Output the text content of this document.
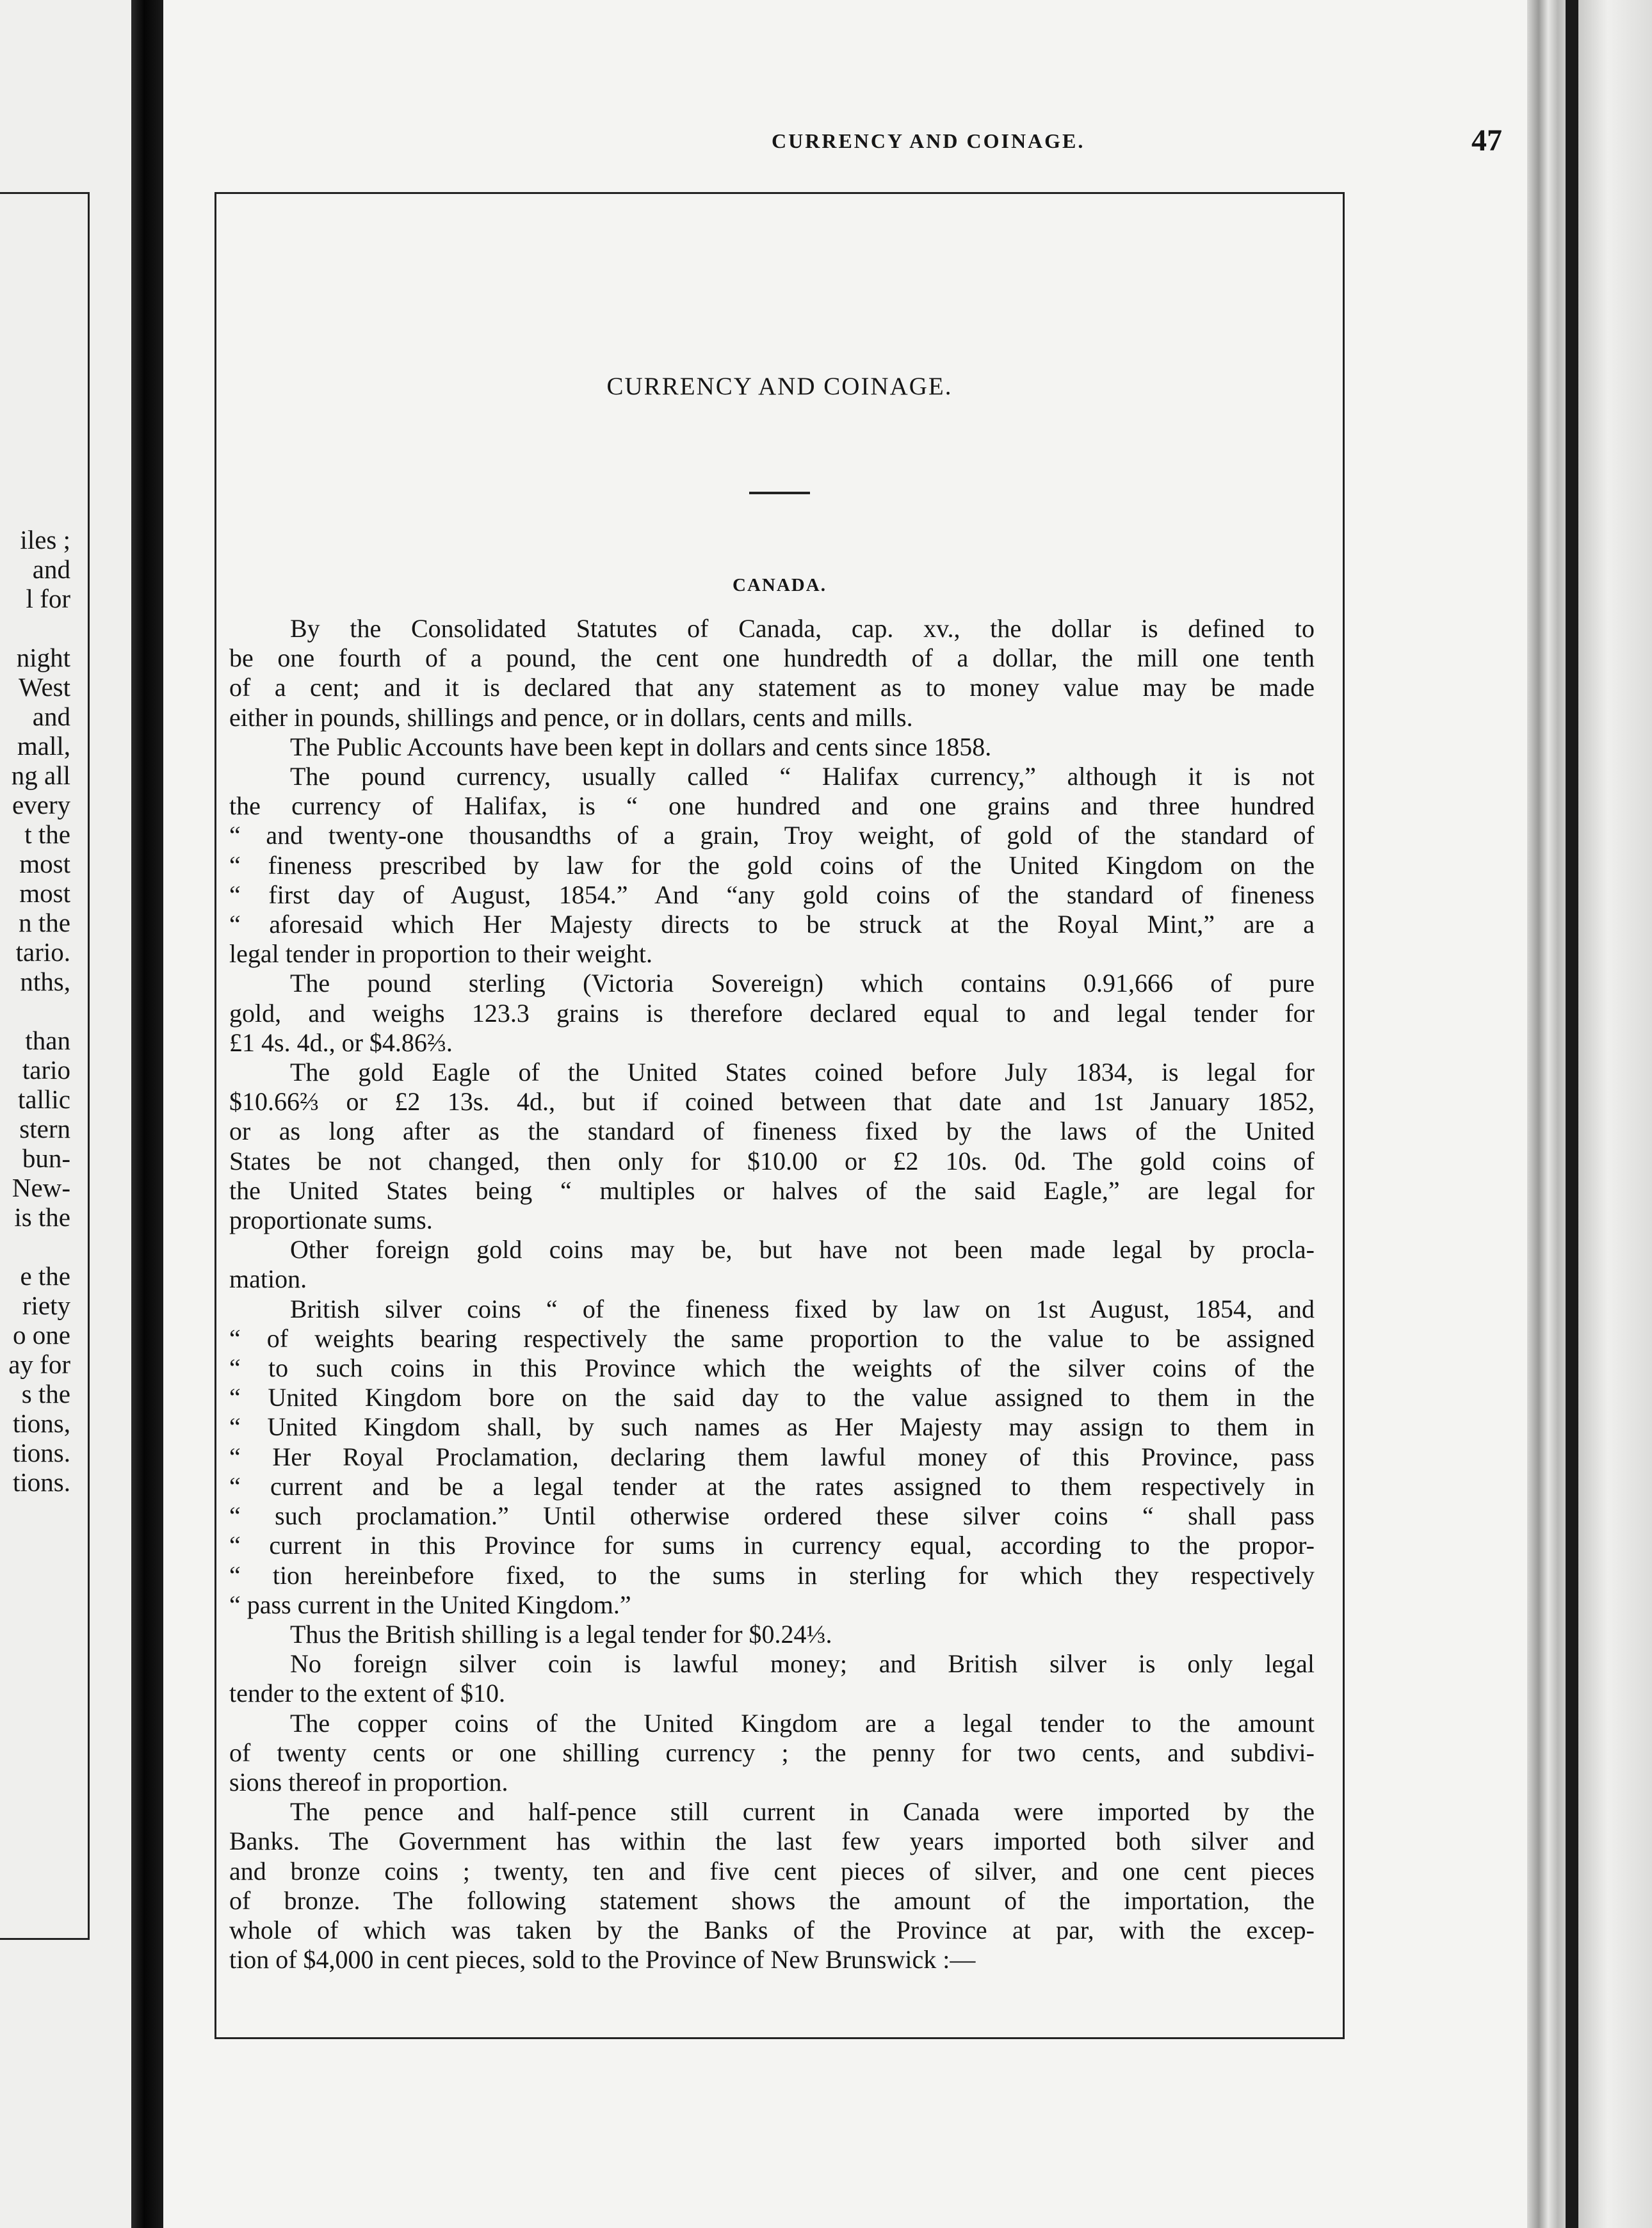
iles ;
and
l for
night
West
and
mall,
ng all
every
t the
most
most
n the
tario.
nths,
than
tario
tallic
stern
bun-
New-
is the
e the
riety
o one
ay for
s the
tions,
tions.
tions.
CURRENCY AND COINAGE.	47
CURRENCY AND COINAGE.
CANADA.
By the Consolidated Statutes of Canada, cap. xv., the dollar is defined to
be one fourth of a pound, the cent one hundredth of a dollar, the mill one tenth
of a cent; and it is declared that any statement as to money value may be made
either in pounds, shillings and pence, or in dollars, cents and mills.
The Public Accounts have been kept in dollars and cents since 1858.
The pound currency, usually called “ Halifax currency,” although it is not
the currency of Halifax, is “ one hundred and one grains and three hundred
“ and twenty-one thousandths of a grain, Troy weight, of gold of the standard of
“ fineness prescribed by law for the gold coins of the United Kingdom on the
“ first day of August, 1854.” And “any gold coins of the standard of fineness
“ aforesaid which Her Majesty directs to be struck at the Royal Mint,” are a
legal tender in proportion to their weight.
The pound sterling (Victoria Sovereign) which contains 0.91,666 of pure
gold, and weighs 123.3 grains is therefore declared equal to and legal tender for
£1 4s. 4d., or $4.86⅔.
The gold Eagle of the United States coined before July 1834, is legal for
$10.66⅔ or £2 13s. 4d., but if coined between that date and 1st January 1852,
or as long after as the standard of fineness fixed by the laws of the United
States be not changed, then only for $10.00 or £2 10s. 0d. The gold coins of
the United States being “ multiples or halves of the said Eagle,” are legal for
proportionate sums.
Other foreign gold coins may be, but have not been made legal by procla-
mation.
British silver coins “ of the fineness fixed by law on 1st August, 1854, and
“ of weights bearing respectively the same proportion to the value to be assigned
“ to such coins in this Province which the weights of the silver coins of the
“ United Kingdom bore on the said day to the value assigned to them in the
“ United Kingdom shall, by such names as Her Majesty may assign to them in
“ Her Royal Proclamation, declaring them lawful money of this Province, pass
“ current and be a legal tender at the rates assigned to them respectively in
“ such proclamation.” Until otherwise ordered these silver coins “ shall pass
“ current in this Province for sums in currency equal, according to the propor-
“ tion hereinbefore fixed, to the sums in sterling for which they respectively
“ pass current in the United Kingdom.”
Thus the British shilling is a legal tender for $0.24⅓.
No foreign silver coin is lawful money; and British silver is only legal
tender to the extent of $10.
The copper coins of the United Kingdom are a legal tender to the amount
of twenty cents or one shilling currency ; the penny for two cents, and subdivi-
sions thereof in proportion.
The pence and half-pence still current in Canada were imported by the
Banks. The Government has within the last few years imported both silver and
and bronze coins ; twenty, ten and five cent pieces of silver, and one cent pieces
of bronze. The following statement shows the amount of the importation, the
whole of which was taken by the Banks of the Province at par, with the excep-
tion of $4,000 in cent pieces, sold to the Province of New Brunswick :—
